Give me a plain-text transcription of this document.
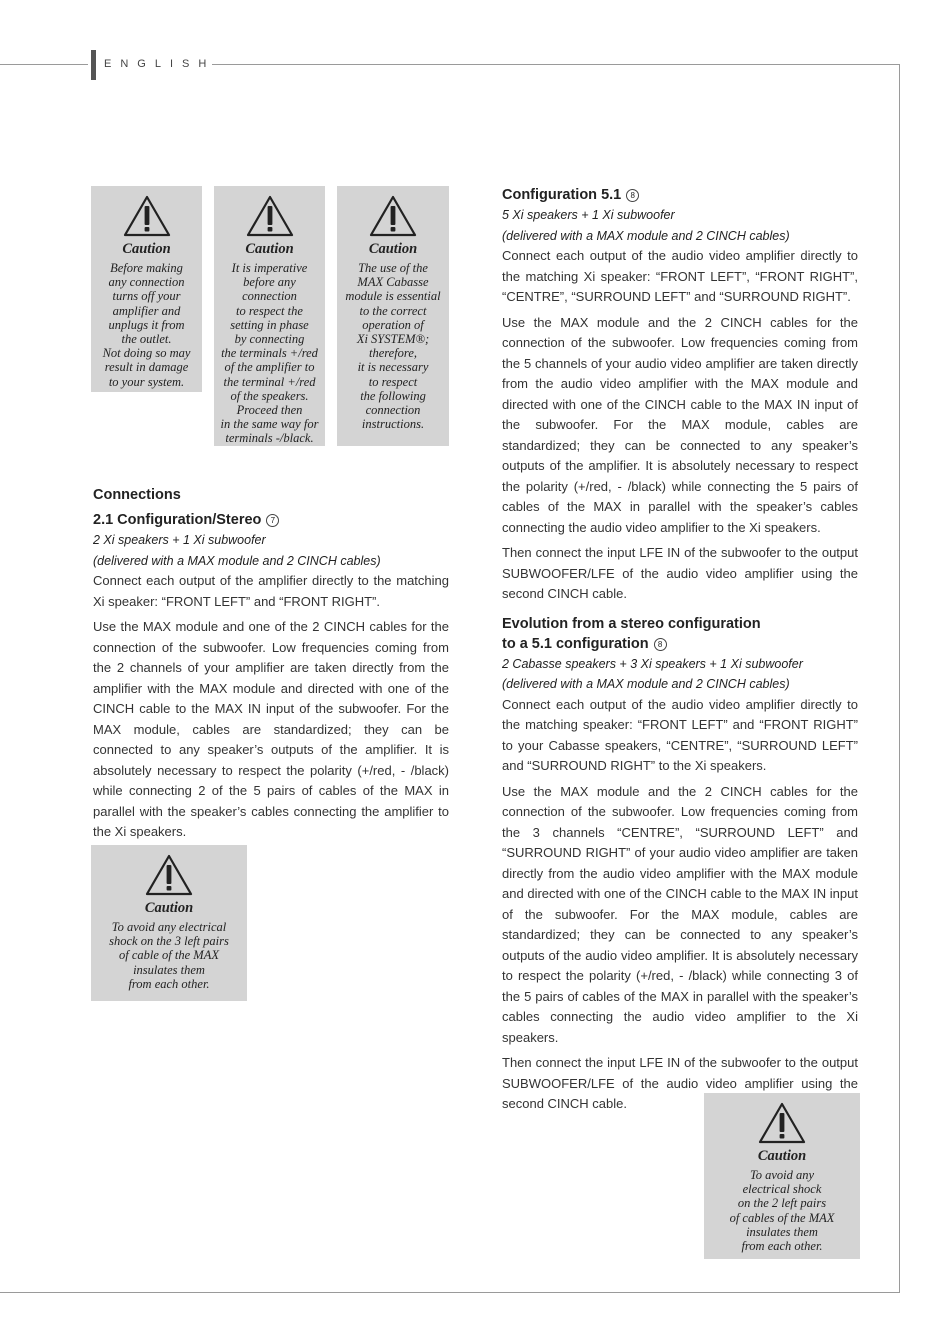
ENGLISH
Caution
Before making
any connection
turns off your
amplifier and
unplugs it from
the outlet.
Not doing so may
result in damage
to your system.
Caution
It is imperative
before any
connection
to respect the
setting in phase
by connecting
the terminals +/red
of the amplifier to
the terminal +/red
of the speakers.
Proceed then
in the same way for
terminals -/black.
Caution
The use of the
MAX Cabasse
module is essential
to the correct
operation of
Xi SYSTEM®;
therefore,
it is necessary
to respect
the following
connection
instructions.
Caution
To avoid any electrical
shock on the 3 left pairs
of cable of the MAX
insulates them
from each other.
Caution
To avoid any
electrical shock
on the 2 left pairs
of cables of the MAX
insulates them
from each other.
Connections
2.1 Configuration/Stereo 7
2 Xi speakers + 1 Xi subwoofer
(delivered with a MAX module and 2 CINCH cables)

Connect each output of the amplifier directly to the matching Xi speaker: “FRONT LEFT” and “FRONT RIGHT”.

Use the MAX module and one of the 2 CINCH cables for the connection of the subwoofer. Low frequencies coming from the 2 channels of your amplifier are taken directly from the amplifier with the MAX module and directed with one of the CINCH cable to the MAX IN input of the subwoofer. For the MAX module, cables are standardized; they can be connected to any speaker’s outputs of the amplifier. It is absolutely necessary to respect the polarity (+/red, - /black) while connecting 2 of the 5 pairs of cables of the MAX in parallel with the speaker’s cables connecting the amplifier to the Xi speakers.

Configuration 5.1 8
5 Xi speakers + 1 Xi subwoofer
(delivered with a MAX module and 2 CINCH cables)

Connect each output of the audio video amplifier directly to the matching Xi speaker: “FRONT LEFT”, “FRONT RIGHT”, “CENTRE”, “SURROUND LEFT” and “SURROUND RIGHT”.

Use the MAX module and the 2 CINCH cables for the connection of the subwoofer. Low frequencies coming from the 5 channels of your audio video amplifier are taken directly from the audio video amplifier with the MAX module and directed with one of the CINCH cable to the MAX IN input of the subwoofer. For the MAX module, cables are standardized; they can be connected to any speaker’s outputs of the amplifier. It is absolutely necessary to respect the polarity (+/red, - /black) while connecting the 5 pairs of cables of the MAX in parallel with the speaker’s cables connecting the audio video amplifier to the Xi speakers.

Then connect the input LFE IN of the subwoofer to the output SUBWOOFER/LFE of the audio video amplifier using the second CINCH cable.

Evolution from a stereo configuration
to a 5.1 configuration 8
2 Cabasse speakers + 3 Xi speakers + 1 Xi subwoofer
(delivered with a MAX module and 2 CINCH cables)

Connect each output of the audio video amplifier directly to the matching speaker: “FRONT LEFT” and “FRONT RIGHT” to your Cabasse speakers, “CENTRE”, “SURROUND LEFT” and “SURROUND RIGHT” to the Xi speakers.

Use the MAX module and the 2 CINCH cables for the connection of the subwoofer. Low frequencies coming from the 3 channels “CENTRE”, “SURROUND LEFT” and “SURROUND RIGHT” of your audio video amplifier are taken directly from the audio video amplifier with the MAX module and directed with one of the CINCH cable to the MAX IN input of the subwoofer. For the MAX module, cables are standardized; they can be connected to any speaker’s outputs of the audio video amplifier. It is absolutely necessary to respect the polarity (+/red, - /black) while connecting 3 of the 5 pairs of cables of the MAX in parallel with the speaker’s cables connecting the audio video amplifier to the Xi speakers.

Then connect the input LFE IN of the subwoofer to the output SUBWOOFER/LFE of the audio video amplifier using the second CINCH cable.
